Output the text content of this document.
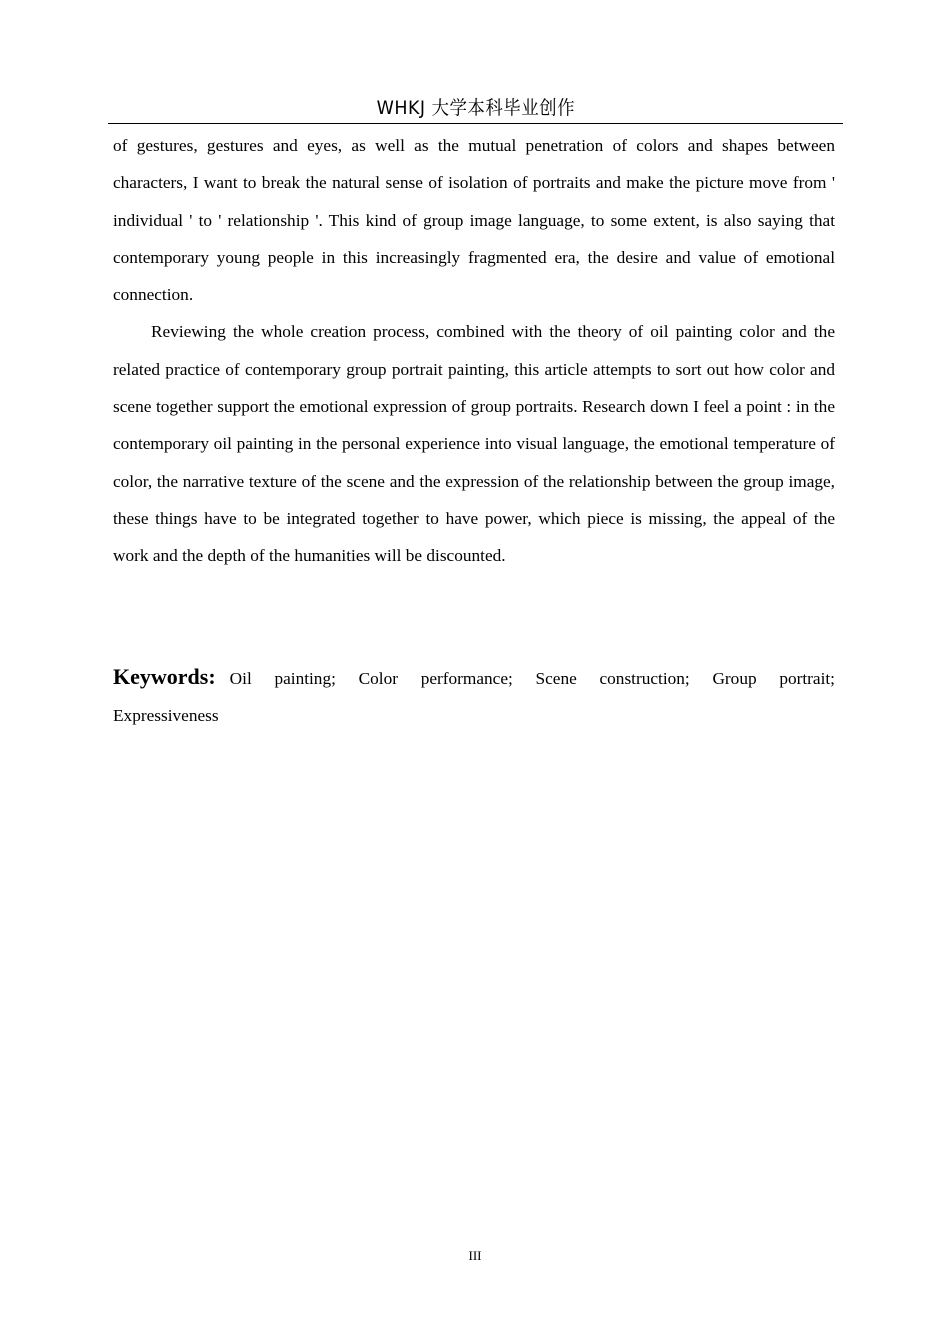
WHKJ 大学本科毕业创作

of gestures, gestures and eyes, as well as the mutual penetration of colors and shapes between characters, I want to break the natural sense of isolation of portraits and make the picture move from ' individual ' to ' relationship '. This kind of group image language, to some extent, is also saying that contemporary young people in this increasingly fragmented era, the desire and value of emotional connection.

Reviewing the whole creation process, combined with the theory of oil painting color and the related practice of contemporary group portrait painting, this article attempts to sort out how color and scene together support the emotional expression of group portraits. Research down I feel a point : in the contemporary oil painting in the personal experience into visual language, the emotional temperature of color, the narrative texture of the scene and the expression of the relationship between the group image, these things have to be integrated together to have power, which piece is missing, the appeal of the work and the depth of the humanities will be discounted.

Keywords: Oil painting; Color performance; Scene construction; Group portrait; Expressiveness

III
